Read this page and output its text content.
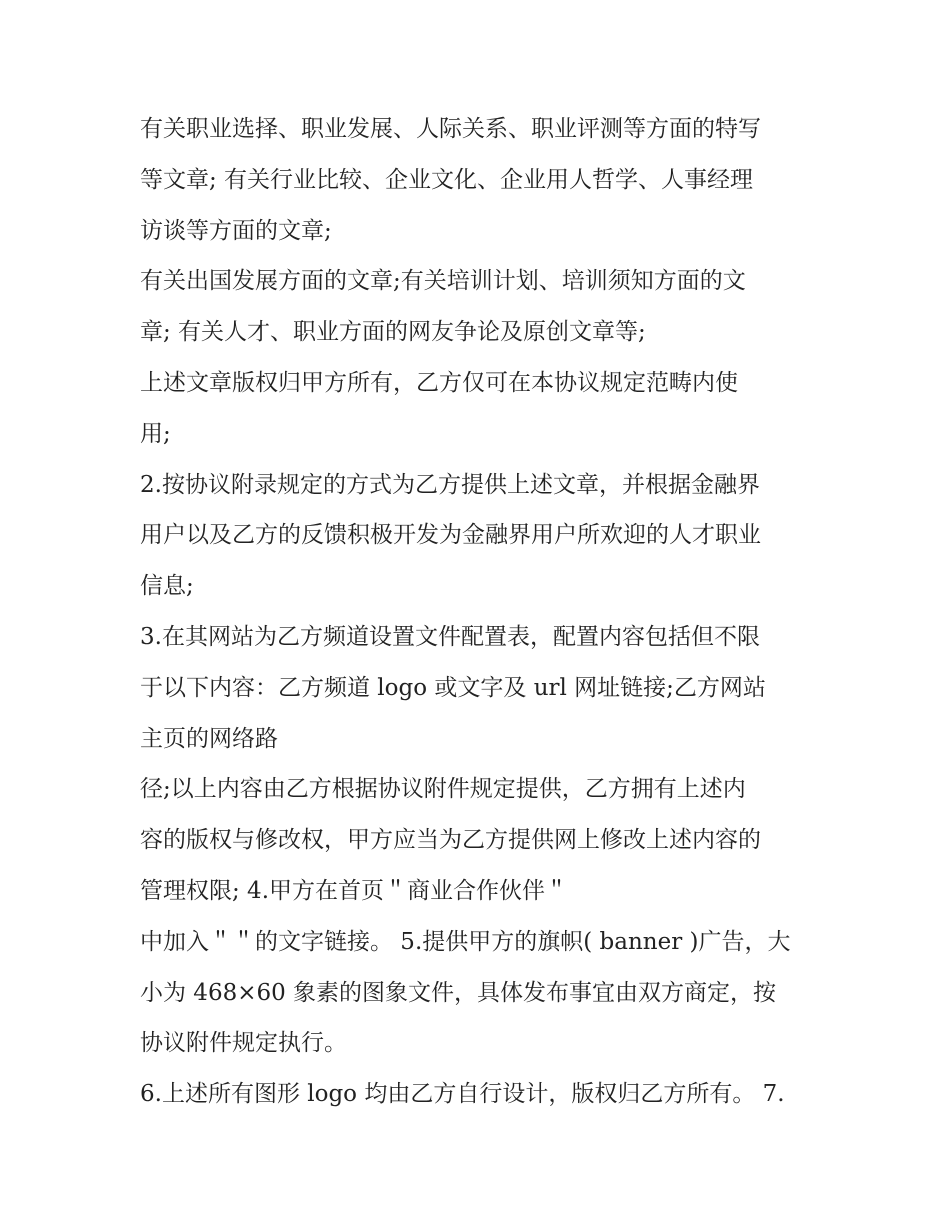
有关职业选择、职业发展、人际关系、职业评测等方面的特写
等文章; 有关行业比较、企业文化、企业用人哲学、人事经理
访谈等方面的文章;
有关出国发展方面的文章;有关培训计划、培训须知方面的文
章; 有关人才、职业方面的网友争论及原创文章等;
上述文章版权归甲方所有，乙方仅可在本协议规定范畴内使
用;
2.按协议附录规定的方式为乙方提供上述文章，并根据金融界
用户以及乙方的反馈积极开发为金融界用户所欢迎的人才职业
信息;
3.在其网站为乙方频道设置文件配置表，配置内容包括但不限
于以下内容：乙方频道 logo 或文字及 url 网址链接;乙方网站
主页的网络路
径;以上内容由乙方根据协议附件规定提供，乙方拥有上述内
容的版权与修改权，甲方应当为乙方提供网上修改上述内容的
管理权限; 4.甲方在首页＂商业合作伙伴＂
中加入＂＂的文字链接。 5.提供甲方的旗帜( banner )广告，大
小为 468×60 象素的图象文件，具体发布事宜由双方商定，按
协议附件规定执行。
6.上述所有图形 logo 均由乙方自行设计，版权归乙方所有。 7.
